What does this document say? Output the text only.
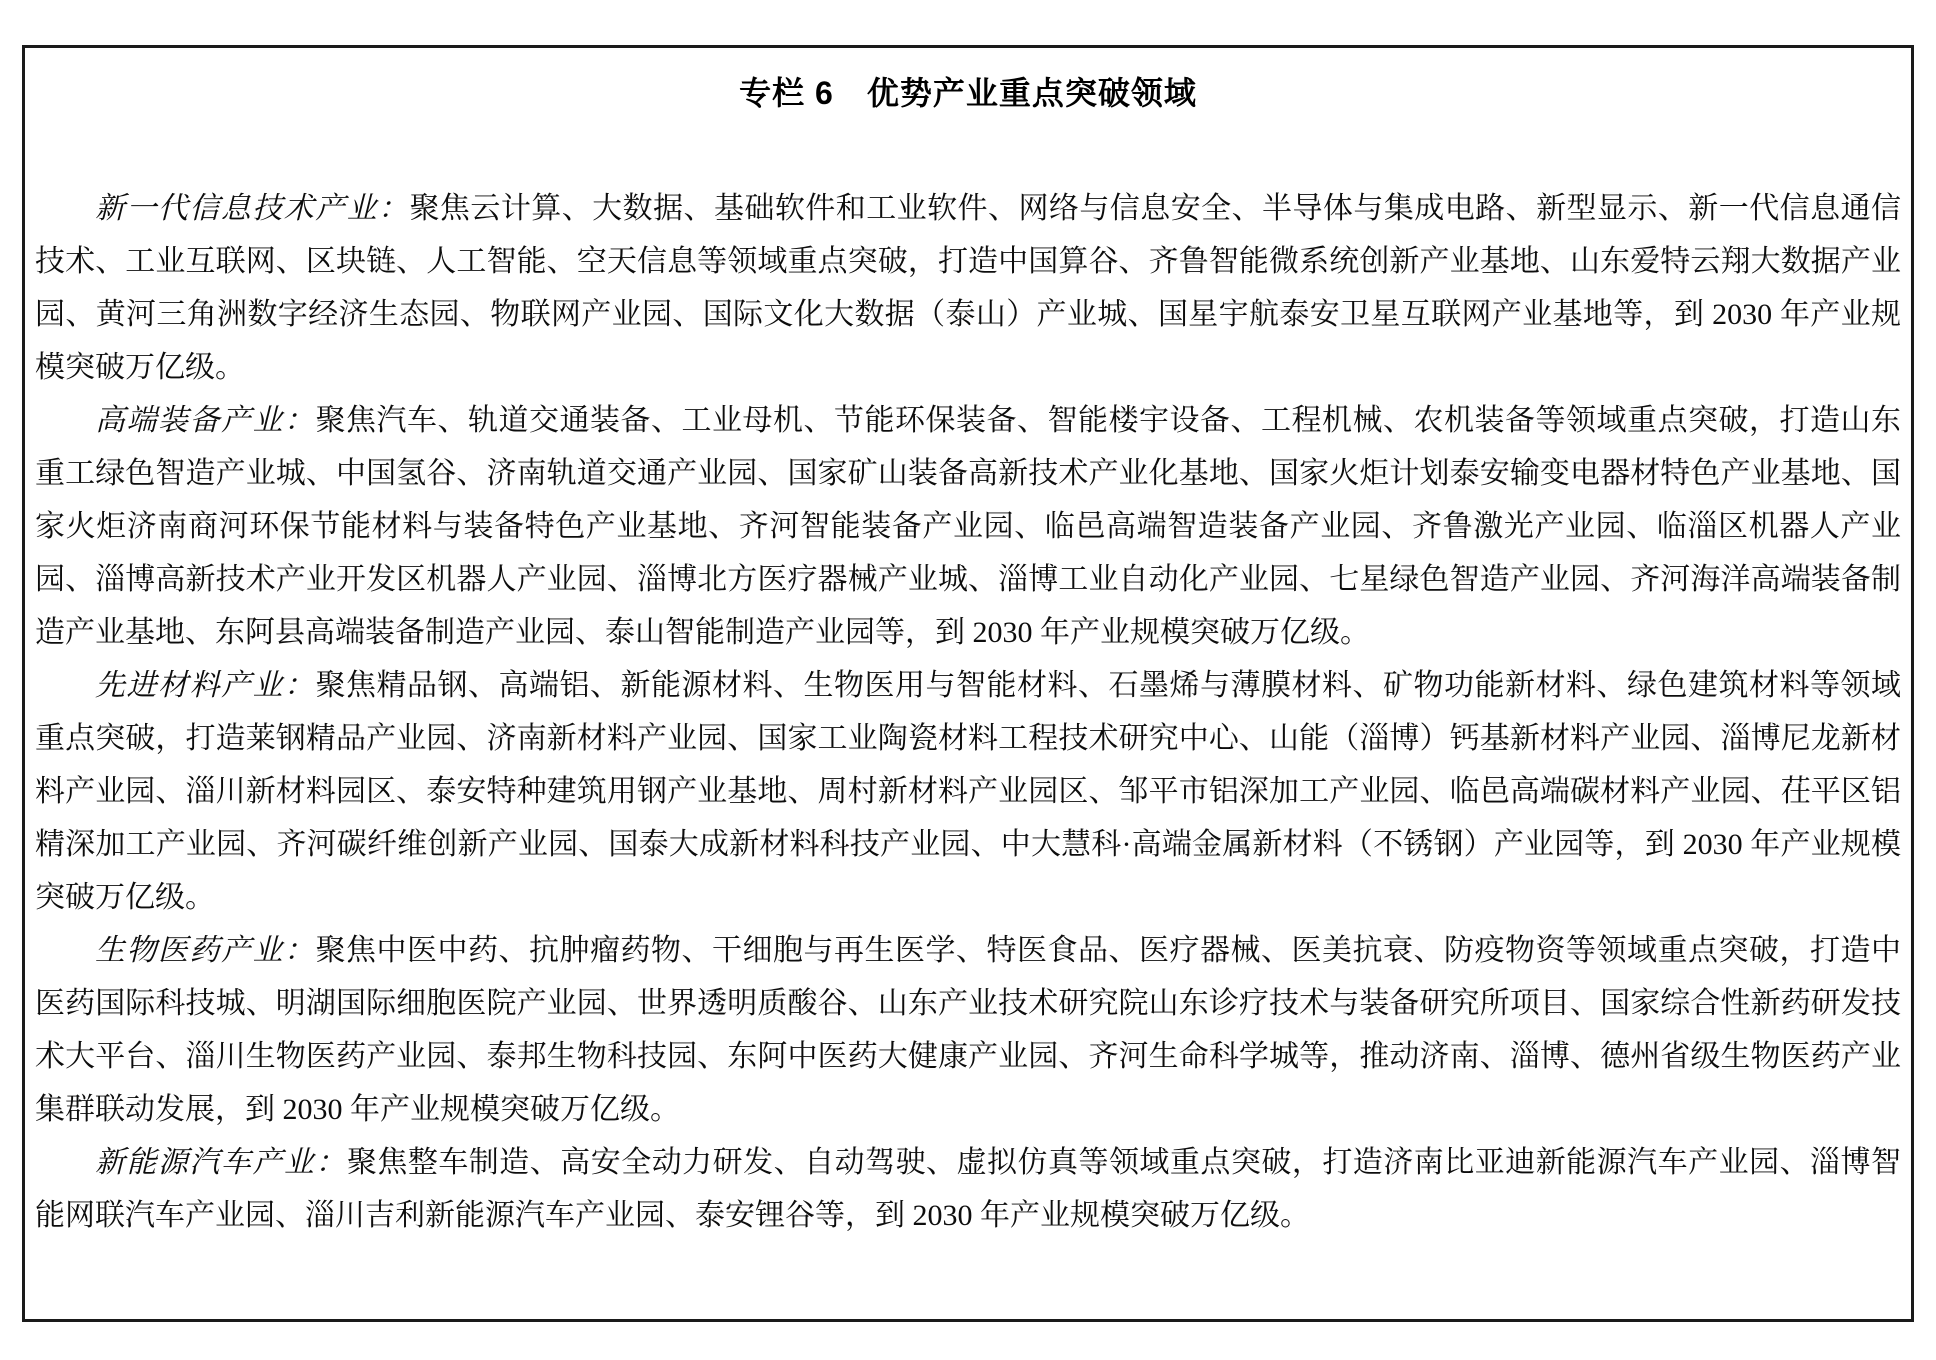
专栏 6　优势产业重点突破领域

新一代信息技术产业：聚焦云计算、大数据、基础软件和工业软件、网络与信息安全、半导体与集成电路、新型显示、新一代信息通信技术、工业互联网、区块链、人工智能、空天信息等领域重点突破，打造中国算谷、齐鲁智能微系统创新产业基地、山东爱特云翔大数据产业园、黄河三角洲数字经济生态园、物联网产业园、国际文化大数据（泰山）产业城、国星宇航泰安卫星互联网产业基地等，到 2030 年产业规模突破万亿级。

高端装备产业：聚焦汽车、轨道交通装备、工业母机、节能环保装备、智能楼宇设备、工程机械、农机装备等领域重点突破，打造山东重工绿色智造产业城、中国氢谷、济南轨道交通产业园、国家矿山装备高新技术产业化基地、国家火炬计划泰安输变电器材特色产业基地、国家火炬济南商河环保节能材料与装备特色产业基地、齐河智能装备产业园、临邑高端智造装备产业园、齐鲁激光产业园、临淄区机器人产业园、淄博高新技术产业开发区机器人产业园、淄博北方医疗器械产业城、淄博工业自动化产业园、七星绿色智造产业园、齐河海洋高端装备制造产业基地、东阿县高端装备制造产业园、泰山智能制造产业园等，到 2030 年产业规模突破万亿级。

先进材料产业：聚焦精品钢、高端铝、新能源材料、生物医用与智能材料、石墨烯与薄膜材料、矿物功能新材料、绿色建筑材料等领域重点突破，打造莱钢精品产业园、济南新材料产业园、国家工业陶瓷材料工程技术研究中心、山能（淄博）钙基新材料产业园、淄博尼龙新材料产业园、淄川新材料园区、泰安特种建筑用钢产业基地、周村新材料产业园区、邹平市铝深加工产业园、临邑高端碳材料产业园、茌平区铝精深加工产业园、齐河碳纤维创新产业园、国泰大成新材料科技产业园、中大慧科·高端金属新材料（不锈钢）产业园等，到 2030 年产业规模突破万亿级。

生物医药产业：聚焦中医中药、抗肿瘤药物、干细胞与再生医学、特医食品、医疗器械、医美抗衰、防疫物资等领域重点突破，打造中医药国际科技城、明湖国际细胞医院产业园、世界透明质酸谷、山东产业技术研究院山东诊疗技术与装备研究所项目、国家综合性新药研发技术大平台、淄川生物医药产业园、泰邦生物科技园、东阿中医药大健康产业园、齐河生命科学城等，推动济南、淄博、德州省级生物医药产业集群联动发展，到 2030 年产业规模突破万亿级。

新能源汽车产业：聚焦整车制造、高安全动力研发、自动驾驶、虚拟仿真等领域重点突破，打造济南比亚迪新能源汽车产业园、淄博智能网联汽车产业园、淄川吉利新能源汽车产业园、泰安锂谷等，到 2030 年产业规模突破万亿级。
